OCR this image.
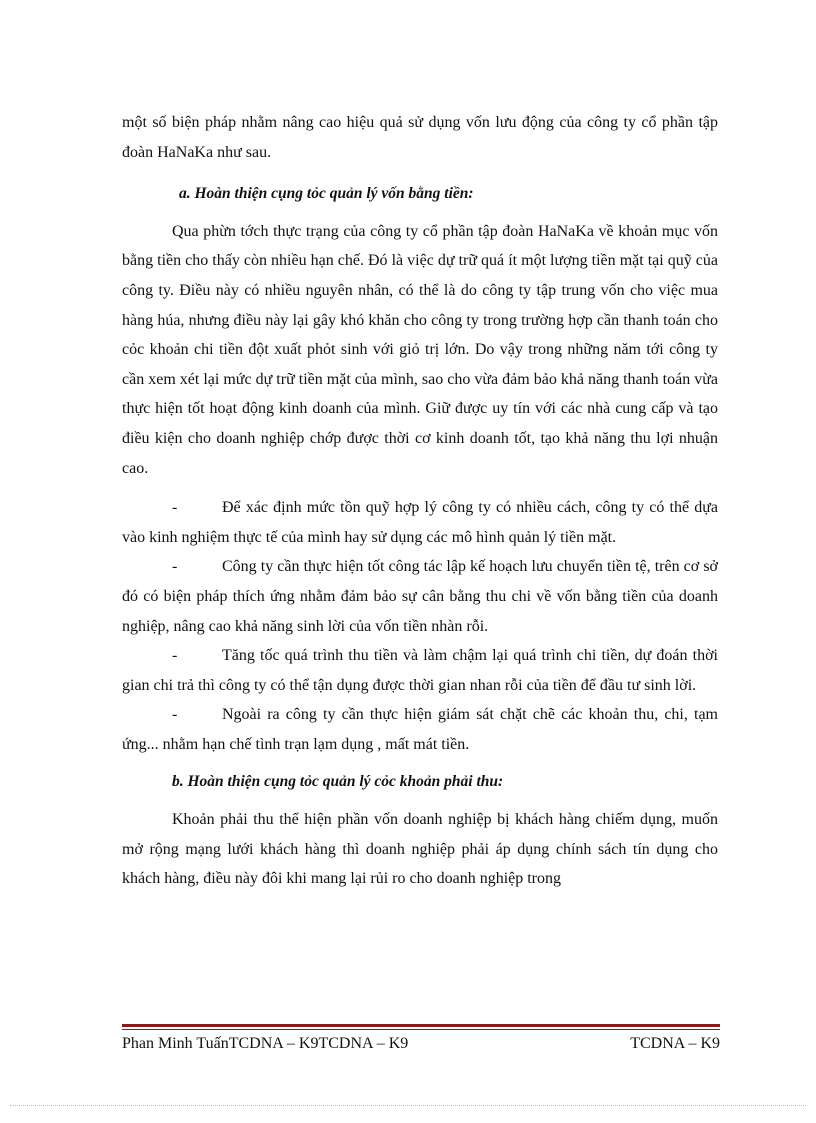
một số biện pháp nhằm nâng cao hiệu quả sử dụng vốn lưu động của công ty cổ phần tập đoàn HaNaKa như sau.

a. Hoàn thiện cụng tỏc quản lý vốn bằng tiền:

Qua phừn tớch thực trạng của công ty cổ phần tập đoàn HaNaKa về khoản mục vốn bằng tiền cho thấy còn nhiều hạn chế. Đó là việc dự trữ quá ít một lượng tiền mặt tại quỹ của công ty. Điều này có nhiều nguyên nhân, có thể là do công ty tập trung vốn cho việc mua hàng húa, nhưng điều này lại gây khó khăn cho công ty trong trường hợp cần thanh toán cho cỏc khoản chi tiền đột xuất phỏt sinh với giỏ trị lớn. Do vậy trong những năm tới công ty cần xem xét lại mức dự trữ tiền mặt của mình, sao cho vừa đảm bảo khả năng thanh toán vừa thực hiện tốt hoạt động kinh doanh của mình. Giữ được uy tín với các nhà cung cấp và tạo điều kiện cho doanh nghiệp chớp được thời cơ kinh doanh tốt, tạo khả năng thu lợi nhuận cao.

-	Để xác định mức tồn quỹ hợp lý công ty có nhiều cách, công ty có thể dựa vào kinh nghiệm thực tế của mình hay sử dụng các mô hình quản lý tiền mặt.

-	Công ty cần thực hiện tốt công tác lập kế hoạch lưu chuyển tiền tệ, trên cơ sở đó có biện pháp thích ứng nhằm đảm bảo sự cân bằng thu chi về vốn bằng tiền của doanh nghiệp, nâng cao khả năng sinh lời của vốn tiền nhàn rỗi.

-	Tăng tốc quá trình thu tiền và làm chậm lại quá trình chi tiền, dự đoán thời gian chi trả thì công ty có thể tận dụng được thời gian nhan rỗi của tiền để đầu tư sinh lời.

-	Ngoài ra công ty cần thực hiện giám sát chặt chẽ các khoản thu, chi, tạm ứng... nhằm hạn chế tình trạn lạm dụng , mất mát tiền.

b. Hoàn thiện cụng tỏc quản lý cỏc khoản phải thu:

Khoản phải thu thể hiện phần vốn doanh nghiệp bị khách hàng chiếm dụng, muốn mở rộng mạng lưới khách hàng thì doanh nghiệp phải áp dụng chính sách tín dụng cho khách hàng, điều này đôi khi mang lại rủi ro cho doanh nghiệp trong

Phan Minh TuấnTCDNA – K9TCDNA – K9	TCDNA – K9
